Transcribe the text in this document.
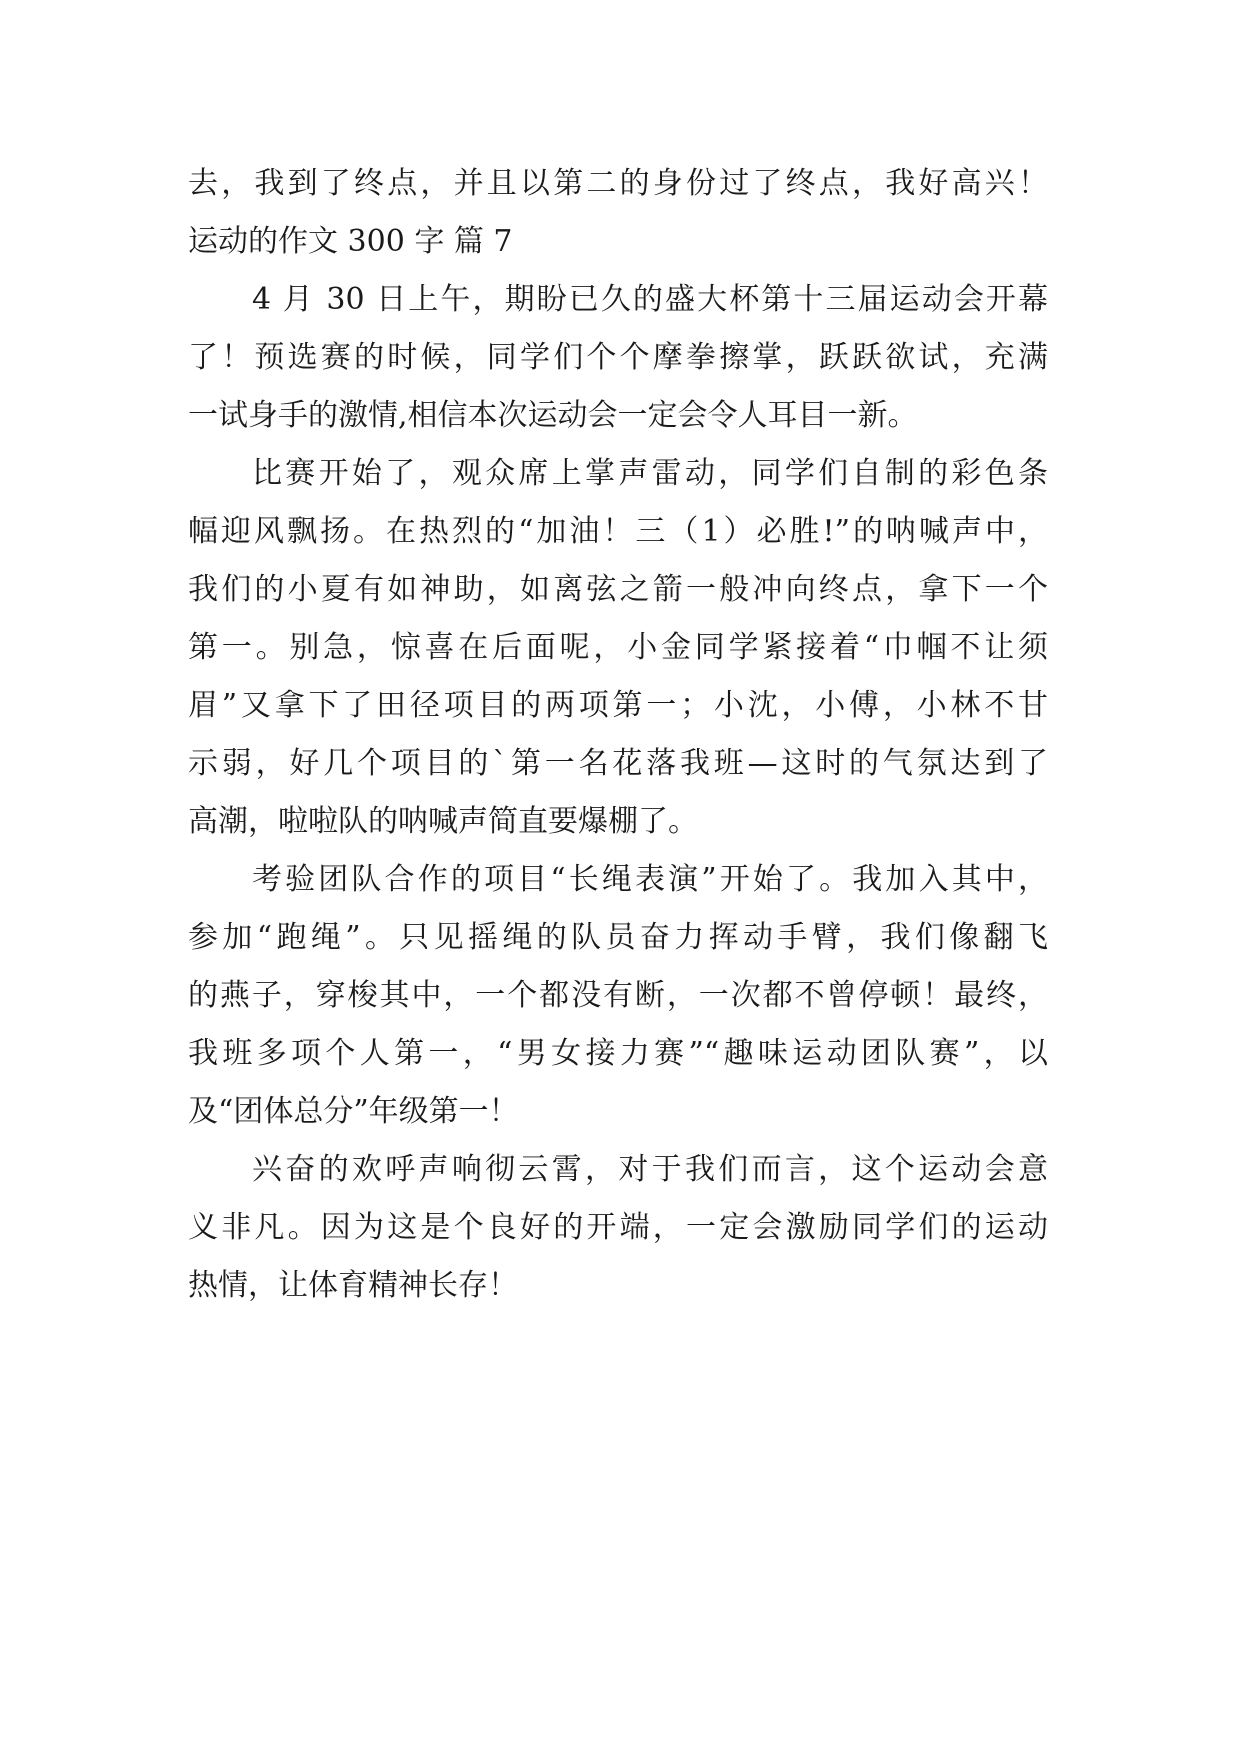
去，我到了终点，并且以第二的身份过了终点，我好高兴！
运动的作文 300 字 篇 7
4 月 30 日上午，期盼已久的盛大杯第十三届运动会开幕
了！预选赛的时候，同学们个个摩拳擦掌，跃跃欲试，充满
一试身手的激情,相信本次运动会一定会令人耳目一新。
比赛开始了，观众席上掌声雷动，同学们自制的彩色条
幅迎风飘扬。在热烈的“加油！三（1）必胜!”的呐喊声中，
我们的小夏有如神助，如离弦之箭一般冲向终点，拿下一个
第一。别急，惊喜在后面呢，小金同学紧接着“巾帼不让须
眉”又拿下了田径项目的两项第一；小沈，小傅，小林不甘
示弱，好几个项目的`第一名花落我班—这时的气氛达到了
高潮，啦啦队的呐喊声简直要爆棚了。
考验团队合作的项目“长绳表演”开始了。我加入其中，
参加“跑绳”。只见摇绳的队员奋力挥动手臂，我们像翻飞
的燕子，穿梭其中，一个都没有断，一次都不曾停顿！最终，
我班多项个人第一，“男女接力赛”“趣味运动团队赛”，以
及“团体总分”年级第一！
兴奋的欢呼声响彻云霄，对于我们而言，这个运动会意
义非凡。因为这是个良好的开端，一定会激励同学们的运动
热情，让体育精神长存！
